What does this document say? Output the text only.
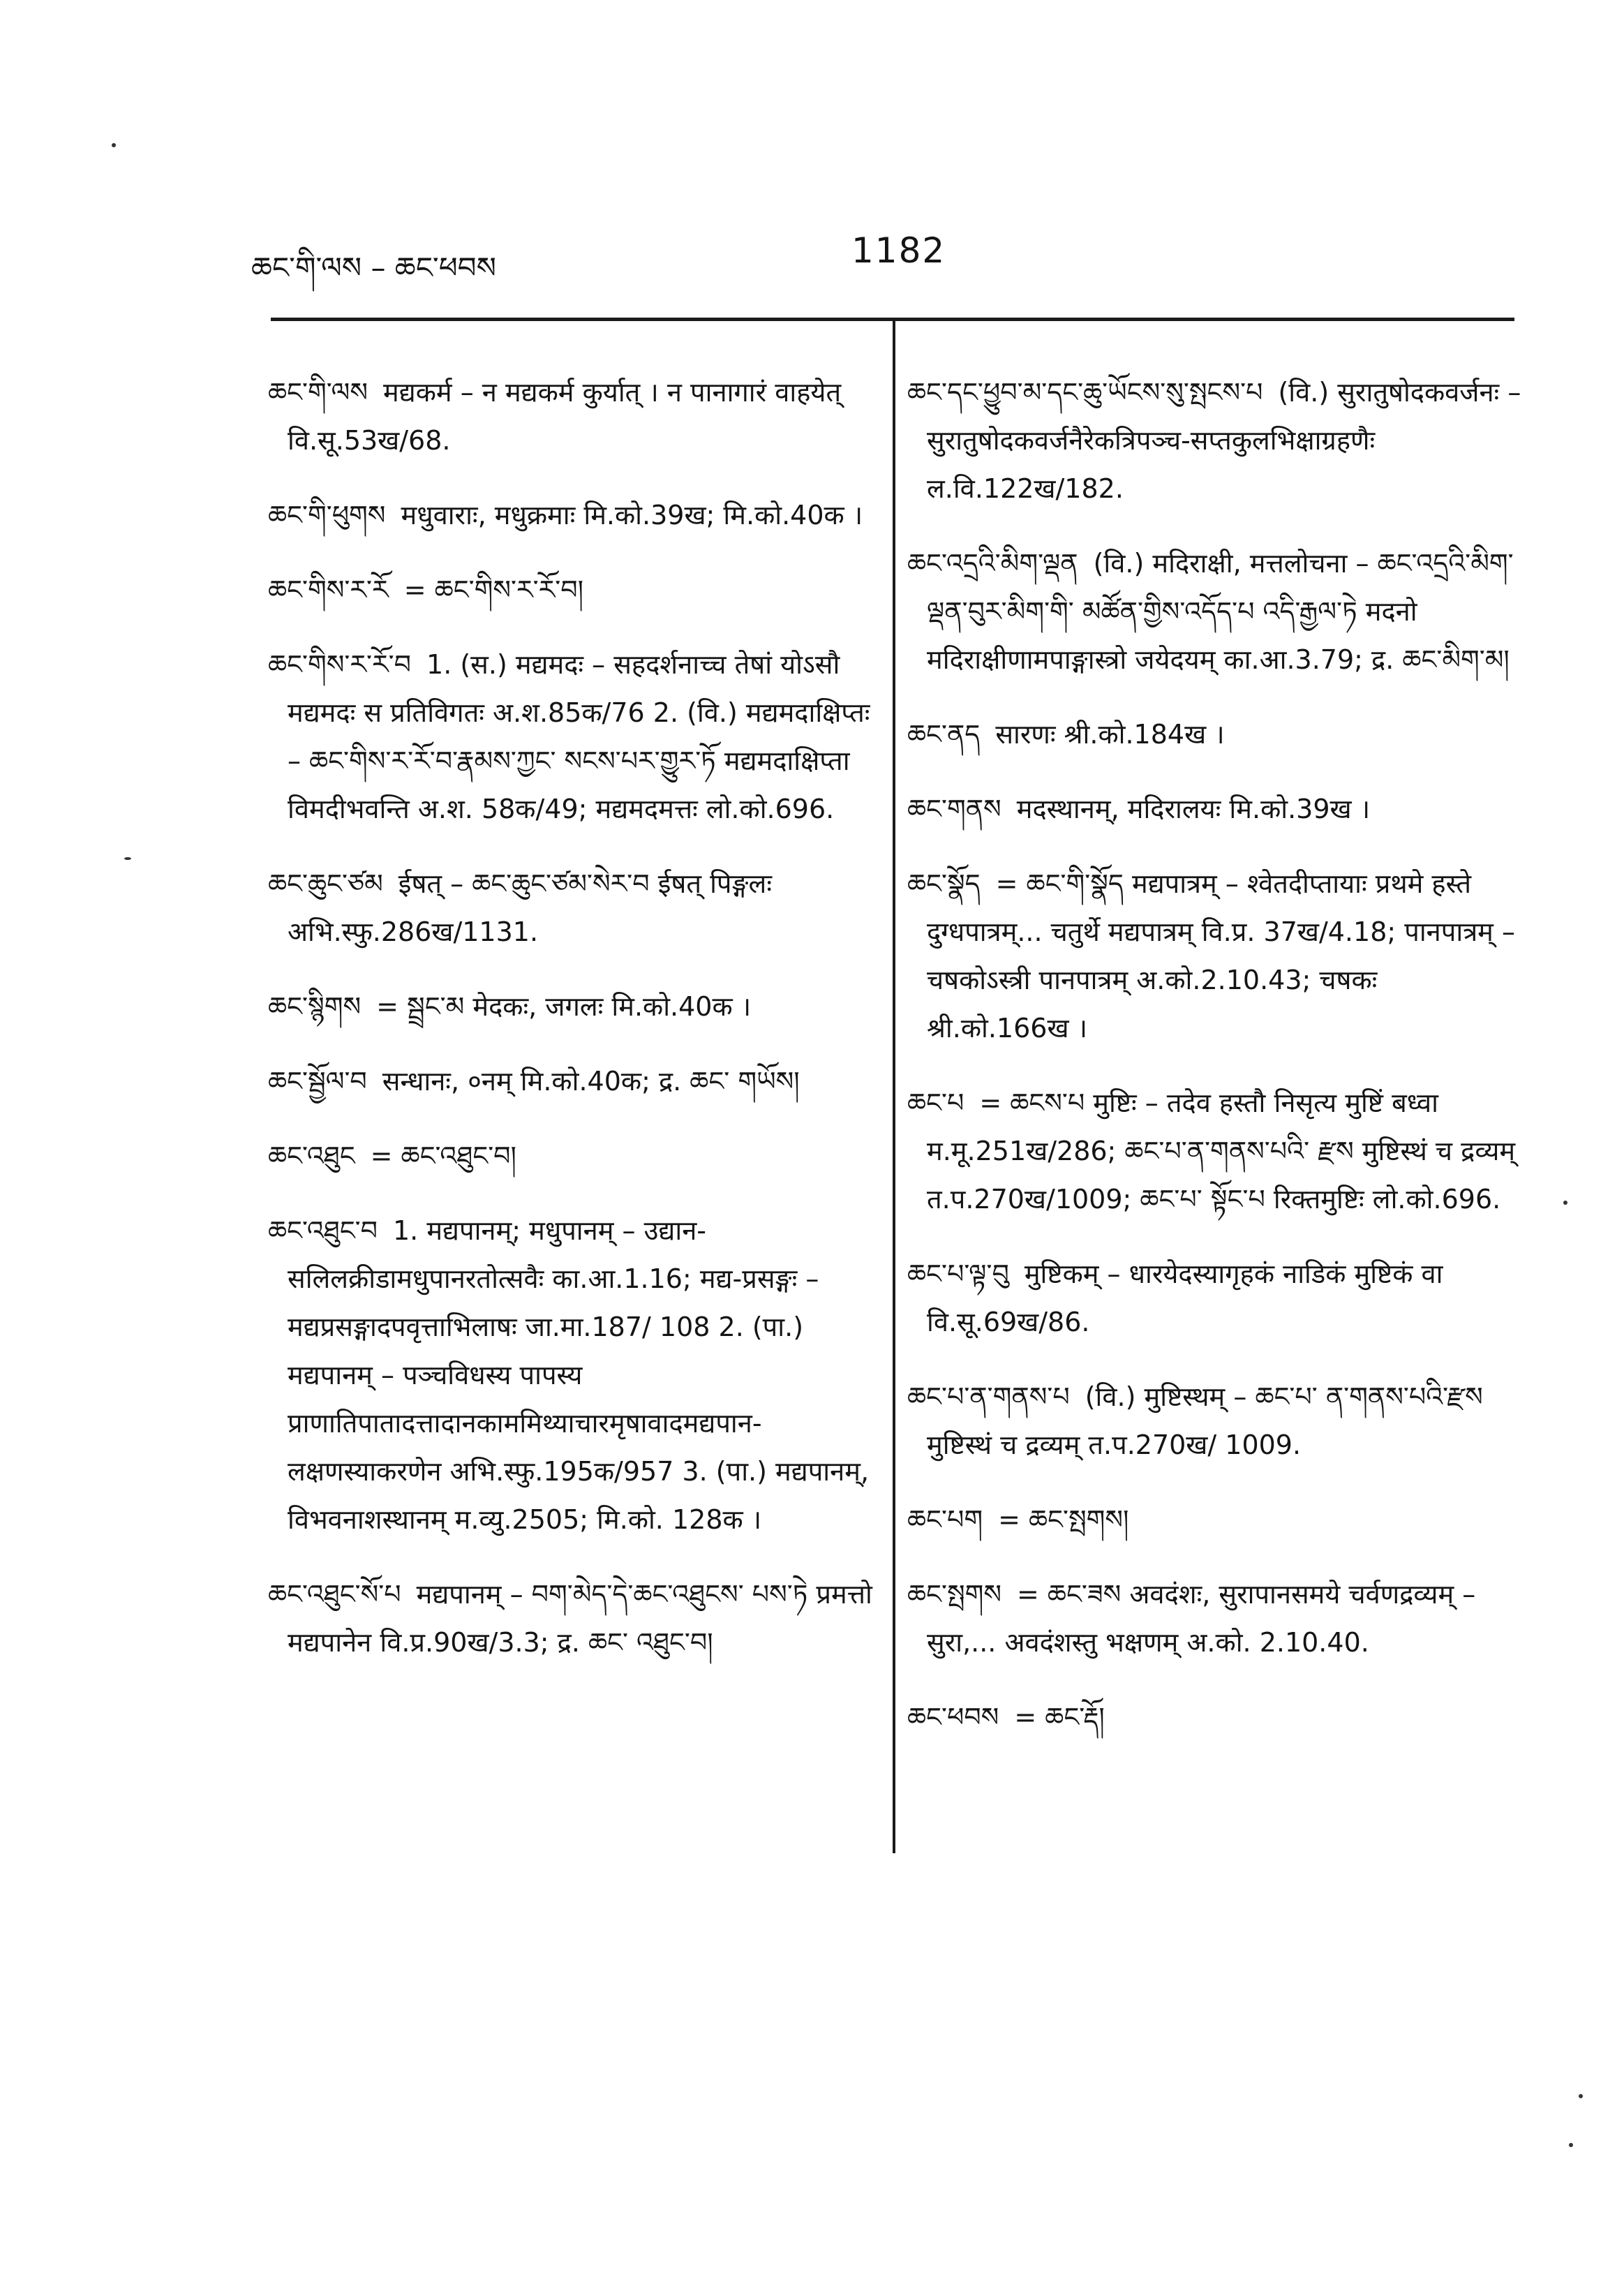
ཆང་གི་ལས – ཆང་ཕབས	1182

ཆང་གི་ལས मद्यकर्म – न मद्यकर्म कुर्यात् । न पानागारं वाहयेत् वि.सू.53ख/68.

ཆང་གི་ཕུགས मधुवाराः, मधुक्रमाः मि.को.39ख; मि.को.40क ।

ཆང་གིས་ར་རོ = ཆང་གིས་ར་རོ་བ།

ཆང་གིས་ར་རོ་བ 1. (स.) मद्यमदः – सहदर्शनाच्च तेषां योऽसौ मद्यमदः स प्रतिविगतः अ.श.85क/76 2. (वि.) मद्यमदाक्षिप्तः – ཆང་གིས་ར་རོ་བ་རྣམས་ཀྱང་ སངས་པར་གྱུར་ཏོ मद्यमदाक्षिप्ता विमदीभवन्ति अ.श. 58क/49; मद्यमदमत्तः लो.को.696.

ཆང་ཆུང་ཙམ ईषत् – ཆང་ཆུང་ཙམ་སེར་བ ईषत् पिङ्गलः अभि.स्फु.286ख/1131.

ཆང་སྙིགས = སྦྲང་མ मेदकः, जगलः मि.को.40क ।

ཆང་སྦྱོལ་བ सन्धानः, ०नम् मि.को.40क; द्र. ཆང་ གཡོས།

ཆང་འཐུང = ཆང་འཐུང་བ།

ཆང་འཐུང་བ 1. मद्यपानम्; मधुपानम् – उद्यान-सलिलक्रीडामधुपानरतोत्सवैः का.आ.1.16; मद्य-प्रसङ्गः – मद्यप्रसङ्गादपवृत्ताभिलाषः जा.मा.187/ 108 2. (पा.) मद्यपानम् – पञ्चविधस्य पापस्य प्राणातिपातादत्तादानकाममिथ्याचारमृषावादमद्यपान-लक्षणस्याकरणेन अभि.स्फु.195क/957 3. (पा.) मद्यपानम्, विभवनाशस्थानम् म.व्यु.2505; मि.को. 128क ।

ཆང་འཐུང་སོ་པ मद्यपानम् – བག་མེད་དེ་ཆང་འཐུངས་ པས་ཏེ प्रमत्तो मद्यपानेन वि.प्र.90ख/3.3; द्र. ཆང་ འཐུང་བ།

ཆང་དང་ཕྱུབ་མ་དང་ཆུ་ཡོངས་སུ་སྤངས་པ (वि.) सुरातुषोदकवर्जनः – सुरातुषोदकवर्जनैरेकत्रिपञ्च-सप्तकुलभिक्षाग्रहणैः ल.वि.122ख/182.

ཆང་འདྲའི་མིག་ལྡན (वि.) मदिराक्षी, मत्तलोचना – ཆང་འདྲའི་མིག་ལྡན་བུར་མིག་གི་ མཚོན་གྱིས་འདོད་པ འདི་རྒྱལ་ཏེ मदनो मदिराक्षीणामपाङ्गास्त्रो जयेदयम् का.आ.3.79; द्र. ཆང་མིག་མ།

ཆང་ནད सारणः श्री.को.184ख ।

ཆང་གནས मदस्थानम्, मदिरालयः मि.को.39ख ।

ཆང་སྣོད = ཆང་གི་སྣོད मद्यपात्रम् – श्वेतदीप्तायाः प्रथमे हस्ते दुग्धपात्रम्... चतुर्थे मद्यपात्रम् वि.प्र. 37ख/4.18; पानपात्रम् – चषकोऽस्त्री पानपात्रम् अ.को.2.10.43; चषकः श्री.को.166ख ।

ཆང་པ = ཆངས་པ मुष्टिः – तदेव हस्तौ निसृत्य मुष्टिं बध्वा म.मू.251ख/286; ཆང་པ་ན་གནས་པའི་ རྫས मुष्टिस्थं च द्रव्यम् त.प.270ख/1009; ཆང་པ་ སྟོང་པ रिक्तमुष्टिः लो.को.696.

ཆང་པ་ལྟ་བུ मुष्टिकम् – धारयेदस्यागृहकं नाडिकं मुष्टिकं वा वि.सू.69ख/86.

ཆང་པ་ན་གནས་པ (वि.) मुष्टिस्थम् – ཆང་པ་ ན་གནས་པའི་རྫས मुष्टिस्थं च द्रव्यम् त.प.270ख/ 1009.

ཆང་པག = ཆང་སྤགས།

ཆང་སྤགས = ཆང་ཟས अवदंशः, सुरापानसमये चर्वणद्रव्यम् – सुरा,... अवदंशस्तु भक्षणम् अ.को. 2.10.40.

ཆང་ཕབས = ཆང་རྡོ།
